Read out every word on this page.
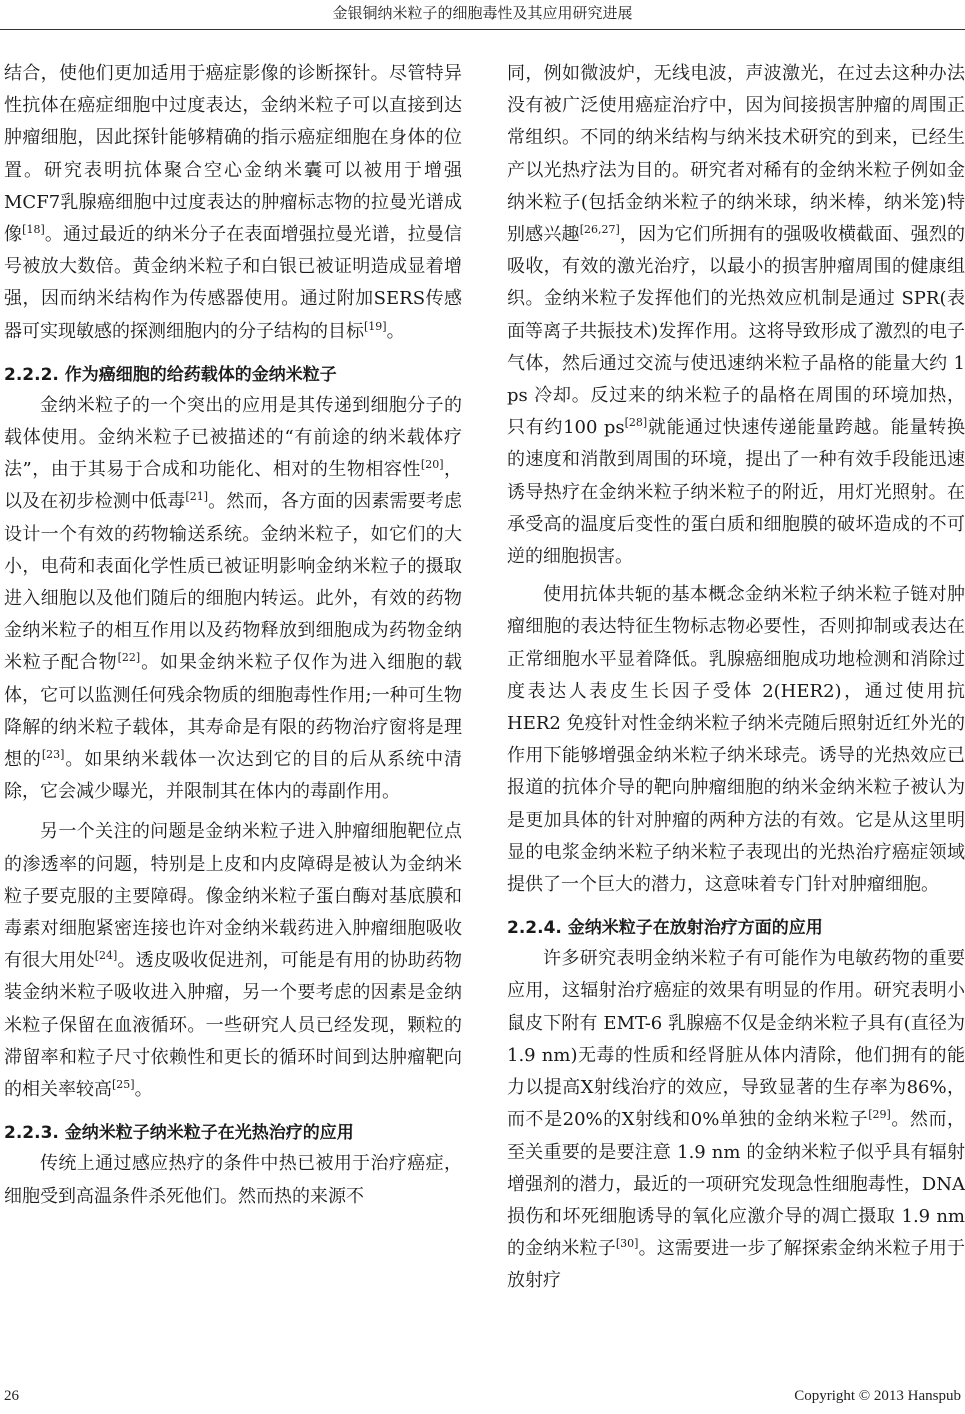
金银铜纳米粒子的细胞毒性及其应用研究进展

结合，使他们更加适用于癌症影像的诊断探针。尽管特异性抗体在癌症细胞中过度表达，金纳米粒子可以直接到达肿瘤细胞，因此探针能够精确的指示癌症细胞在身体的位置。研究表明抗体聚合空心金纳米囊可以被用于增强MCF7乳腺癌细胞中过度表达的肿瘤标志物的拉曼光谱成像[18]。通过最近的纳米分子在表面增强拉曼光谱，拉曼信号被放大数倍。黄金纳米粒子和白银已被证明造成显着增强，因而纳米结构作为传感器使用。通过附加SERS传感器可实现敏感的探测细胞内的分子结构的目标[19]。

2.2.2. 作为癌细胞的给药载体的金纳米粒子

金纳米粒子的一个突出的应用是其传递到细胞分子的载体使用。金纳米粒子已被描述的“有前途的纳米载体疗法”，由于其易于合成和功能化、相对的生物相容性[20]，以及在初步检测中低毒[21]。然而，各方面的因素需要考虑设计一个有效的药物输送系统。金纳米粒子，如它们的大小，电荷和表面化学性质已被证明影响金纳米粒子的摄取进入细胞以及他们随后的细胞内转运。此外，有效的药物金纳米粒子的相互作用以及药物释放到细胞成为药物金纳米粒子配合物[22]。如果金纳米粒子仅作为进入细胞的载体，它可以监测任何残余物质的细胞毒性作用;一种可生物降解的纳米粒子载体，其寿命是有限的药物治疗窗将是理想的[23]。如果纳米载体一次达到它的目的后从系统中清除，它会减少曝光，并限制其在体内的毒副作用。

另一个关注的问题是金纳米粒子进入肿瘤细胞靶位点的渗透率的问题，特别是上皮和内皮障碍是被认为金纳米粒子要克服的主要障碍。像金纳米粒子蛋白酶对基底膜和毒素对细胞紧密连接也许对金纳米载药进入肿瘤细胞吸收有很大用处[24]。透皮吸收促进剂，可能是有用的协助药物装金纳米粒子吸收进入肿瘤，另一个要考虑的因素是金纳米粒子保留在血液循环。一些研究人员已经发现，颗粒的滞留率和粒子尺寸依赖性和更长的循环时间到达肿瘤靶向的相关率较高[25]。

2.2.3. 金纳米粒子纳米粒子在光热治疗的应用

传统上通过感应热疗的条件中热已被用于治疗癌症，细胞受到高温条件杀死他们。然而热的来源不

同，例如微波炉，无线电波，声波激光，在过去这种办法没有被广泛使用癌症治疗中，因为间接损害肿瘤的周围正常组织。不同的纳米结构与纳米技术研究的到来，已经生产以光热疗法为目的。研究者对稀有的金纳米粒子例如金纳米粒子(包括金纳米粒子的纳米球，纳米棒，纳米笼)特别感兴趣[26,27]，因为它们所拥有的强吸收横截面、强烈的吸收，有效的激光治疗，以最小的损害肿瘤周围的健康组织。金纳米粒子发挥他们的光热效应机制是通过 SPR(表面等离子共振技术)发挥作用。这将导致形成了激烈的电子气体，然后通过交流与使迅速纳米粒子晶格的能量大约 1 ps 冷却。反过来的纳米粒子的晶格在周围的环境加热，只有约100 ps[28]就能通过快速传递能量跨越。能量转换的速度和消散到周围的环境，提出了一种有效手段能迅速诱导热疗在金纳米粒子纳米粒子的附近，用灯光照射。在承受高的温度后变性的蛋白质和细胞膜的破坏造成的不可逆的细胞损害。

使用抗体共轭的基本概念金纳米粒子纳米粒子链对肿瘤细胞的表达特征生物标志物必要性，否则抑制或表达在正常细胞水平显着降低。乳腺癌细胞成功地检测和消除过度表达人表皮生长因子受体 2(HER2)，通过使用抗 HER2 免疫针对性金纳米粒子纳米壳随后照射近红外光的作用下能够增强金纳米粒子纳米球壳。诱导的光热效应已报道的抗体介导的靶向肿瘤细胞的纳米金纳米粒子被认为是更加具体的针对肿瘤的两种方法的有效。它是从这里明显的电浆金纳米粒子纳米粒子表现出的光热治疗癌症领域提供了一个巨大的潜力，这意味着专门针对肿瘤细胞。

2.2.4. 金纳米粒子在放射治疗方面的应用

许多研究表明金纳米粒子有可能作为电敏药物的重要应用，这辐射治疗癌症的效果有明显的作用。研究表明小鼠皮下附有 EMT-6 乳腺癌不仅是金纳米粒子具有(直径为 1.9 nm)无毒的性质和经肾脏从体内清除，他们拥有的能力以提高X射线治疗的效应，导致显著的生存率为86%，而不是20%的X射线和0%单独的金纳米粒子[29]。然而，至关重要的是要注意 1.9 nm 的金纳米粒子似乎具有辐射增强剂的潜力，最近的一项研究发现急性细胞毒性，DNA损伤和坏死细胞诱导的氧化应激介导的凋亡摄取 1.9 nm 的金纳米粒子[30]。这需要进一步了解探索金纳米粒子用于放射疗

26	Copyright © 2013 Hanspub
